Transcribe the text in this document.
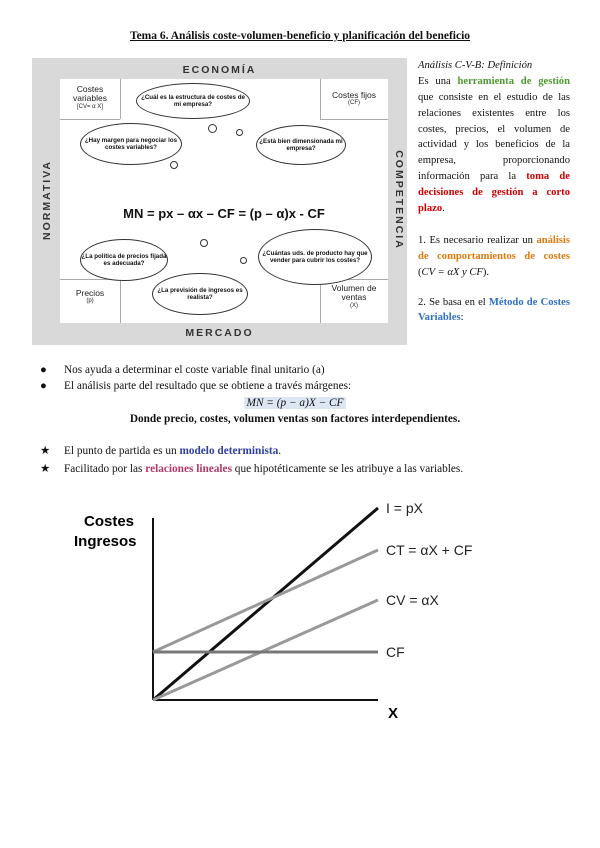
Tema 6. Análisis coste-volumen-beneficio y planificación del beneficio
ECONOMÍA
MERCADO
NORMATIVA	COMPETENCIA
Costes variables
[CV= α X]
Costes fijos
(CF)
Precios
(p)
Volumen de ventas
(X)
¿Cuál es la estructura de costes de mi empresa?
¿Hay margen para negociar los costes variables?
¿Está bien dimensionada mi empresa?
¿La política de precios fijada es adecuada?
¿Cuántas uds. de producto hay que vender para cubrir los costes?
¿La previsión de ingresos es realista?
MN = px – αx – CF = (p – α)x - CF
Análisis C-V-B: Definición
Es una herramienta de gestión que consiste en el estudio de las relaciones existentes entre los costes, precios, el volumen de actividad y los beneficios de la empresa, proporcionando información para la toma de decisiones de gestión a corto plazo.
1. Es necesario realizar un análisis de comportamientos de costes (CV = αX y CF).
2. Se basa en el Método de Costes Variables:
●	Nos ayuda a determinar el coste variable final unitario (a)
●	El análisis parte del resultado que se obtiene a través márgenes:
MN = (p − a)X − CF
Donde precio, costes, volumen ventas son factores interdependientes.
★	El punto de partida es un modelo determinista.
★	Facilitado por las relaciones lineales que hipotéticamente se les atribuye a las variables.
Costes
Ingresos
X
I = pX
CT = αX + CF
CV = αX
CF
